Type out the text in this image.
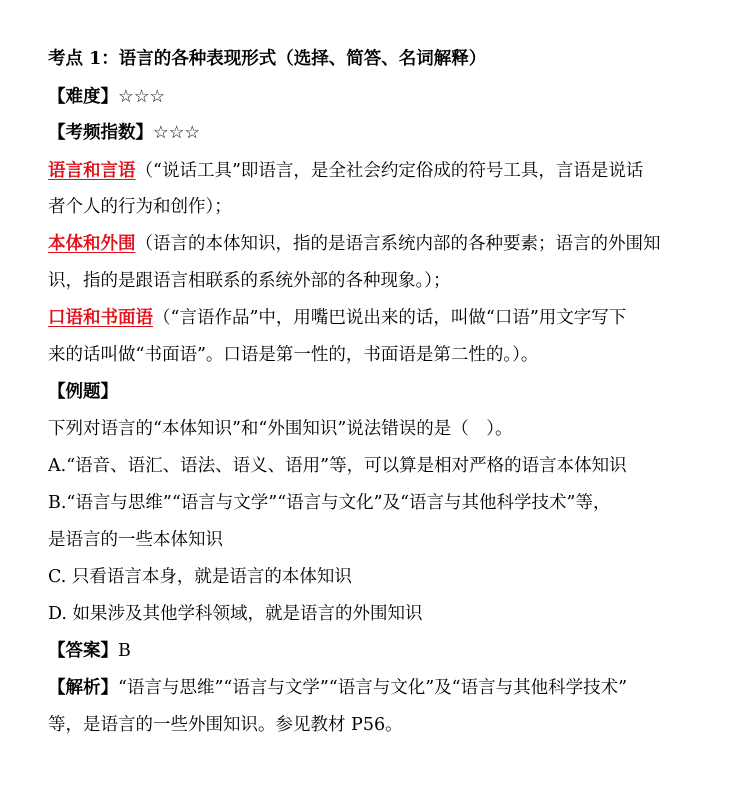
考点 1：语言的各种表现形式（选择、简答、名词解释）
【难度】☆☆☆
【考频指数】☆☆☆
语言和言语（“说话工具”即语言，是全社会约定俗成的符号工具，言语是说话
者个人的行为和创作）；
本体和外围（语言的本体知识，指的是语言系统内部的各种要素；语言的外围知
识，指的是跟语言相联系的系统外部的各种现象。）；
口语和书面语（“言语作品”中，用嘴巴说出来的话，叫做“口语”用文字写下
来的话叫做“书面语”。口语是第一性的，书面语是第二性的。）。
【例题】
下列对语言的“本体知识”和“外围知识”说法错误的是（　）。
A.“语音、语汇、语法、语义、语用”等，可以算是相对严格的语言本体知识
B.“语言与思维”“语言与文学”“语言与文化”及“语言与其他科学技术”等，
是语言的一些本体知识
C. 只看语言本身，就是语言的本体知识
D. 如果涉及其他学科领域，就是语言的外围知识
【答案】B
【解析】“语言与思维”“语言与文学”“语言与文化”及“语言与其他科学技术”
等，是语言的一些外围知识。参见教材 P56。
